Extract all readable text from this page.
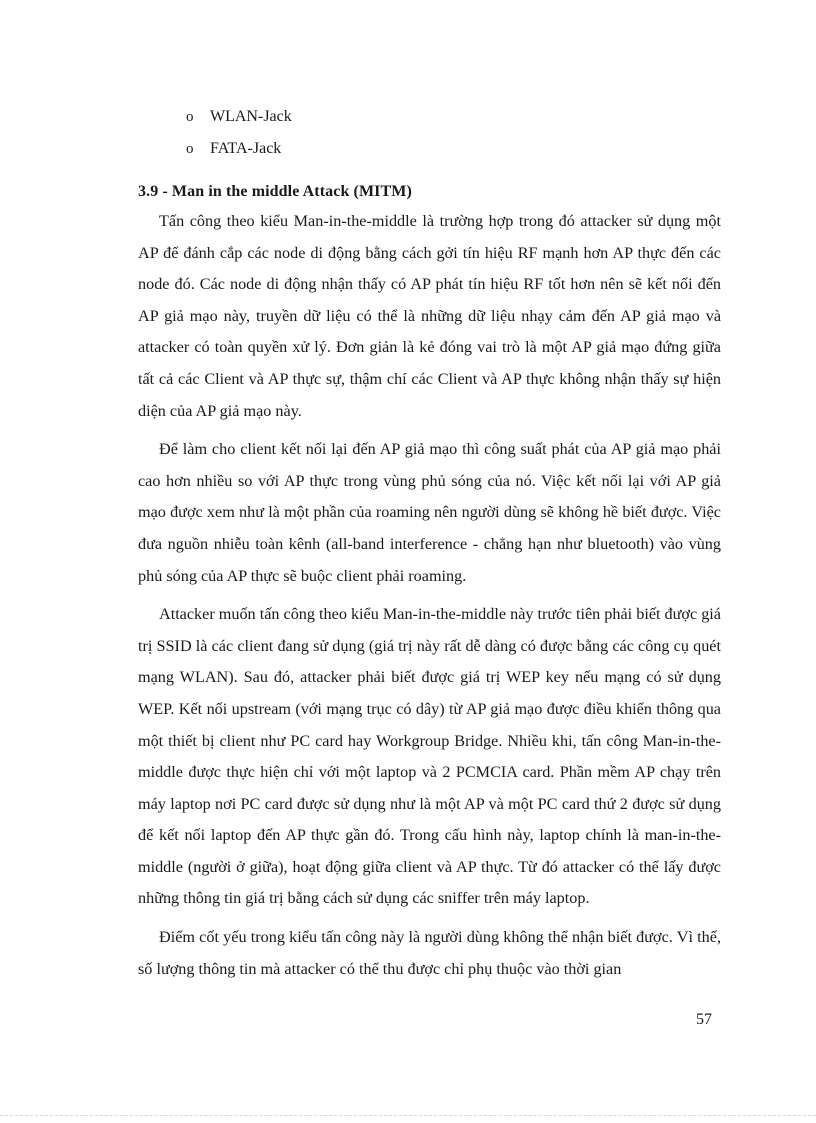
o	WLAN-Jack
o	FATA-Jack
3.9 - Man in the middle Attack (MITM)

Tấn công theo kiểu Man-in-the-middle là trường hợp trong đó attacker sử dụng một AP để đánh cắp các node di động bằng cách gởi tín hiệu RF mạnh hơn AP thực đến các node đó. Các node di động nhận thấy có AP phát tín hiệu RF tốt hơn nên sẽ kết nối đến AP giả mạo này, truyền dữ liệu có thể là những dữ liệu nhạy cảm đến AP giả mạo và attacker có toàn quyền xử lý. Đơn giản là kẻ đóng vai trò là một AP giả mạo đứng giữa tất cả các Client và AP thực sự, thậm chí các Client và AP thực không nhận thấy sự hiện diện của AP giả mạo này.

Để làm cho client kết nối lại đến AP giả mạo thì công suất phát của AP giả mạo phải cao hơn nhiều so với AP thực trong vùng phủ sóng của nó. Việc kết nối lại với AP giả mạo được xem như là một phần của roaming nên người dùng sẽ không hề biết được. Việc đưa nguồn nhiễu toàn kênh (all-band interference - chẳng hạn như bluetooth) vào vùng phủ sóng của AP thực sẽ buộc client phải roaming.

Attacker muốn tấn công theo kiểu Man-in-the-middle này trước tiên phải biết được giá trị SSID là các client đang sử dụng (giá trị này rất dễ dàng có được bằng các công cụ quét mạng WLAN). Sau đó, attacker phải biết được giá trị WEP key nếu mạng có sử dụng WEP. Kết nối upstream (với mạng trục có dây) từ AP giả mạo được điều khiển thông qua một thiết bị client như PC card hay Workgroup Bridge. Nhiều khi, tấn công Man-in-the-middle được thực hiện chỉ với một laptop và 2 PCMCIA card. Phần mềm AP chạy trên máy laptop nơi PC card được sử dụng như là một AP và một PC card thứ 2 được sử dụng để kết nối laptop đến AP thực gần đó. Trong cấu hình này, laptop chính là man-in-the-middle (người ở giữa), hoạt động giữa client và AP thực. Từ đó attacker có thể lấy được những thông tin giá trị bằng cách sử dụng các sniffer trên máy laptop.

Điểm cốt yếu trong kiểu tấn công này là người dùng không thể nhận biết được. Vì thế, số lượng thông tin mà attacker có thể thu được chỉ phụ thuộc vào thời gian

57
